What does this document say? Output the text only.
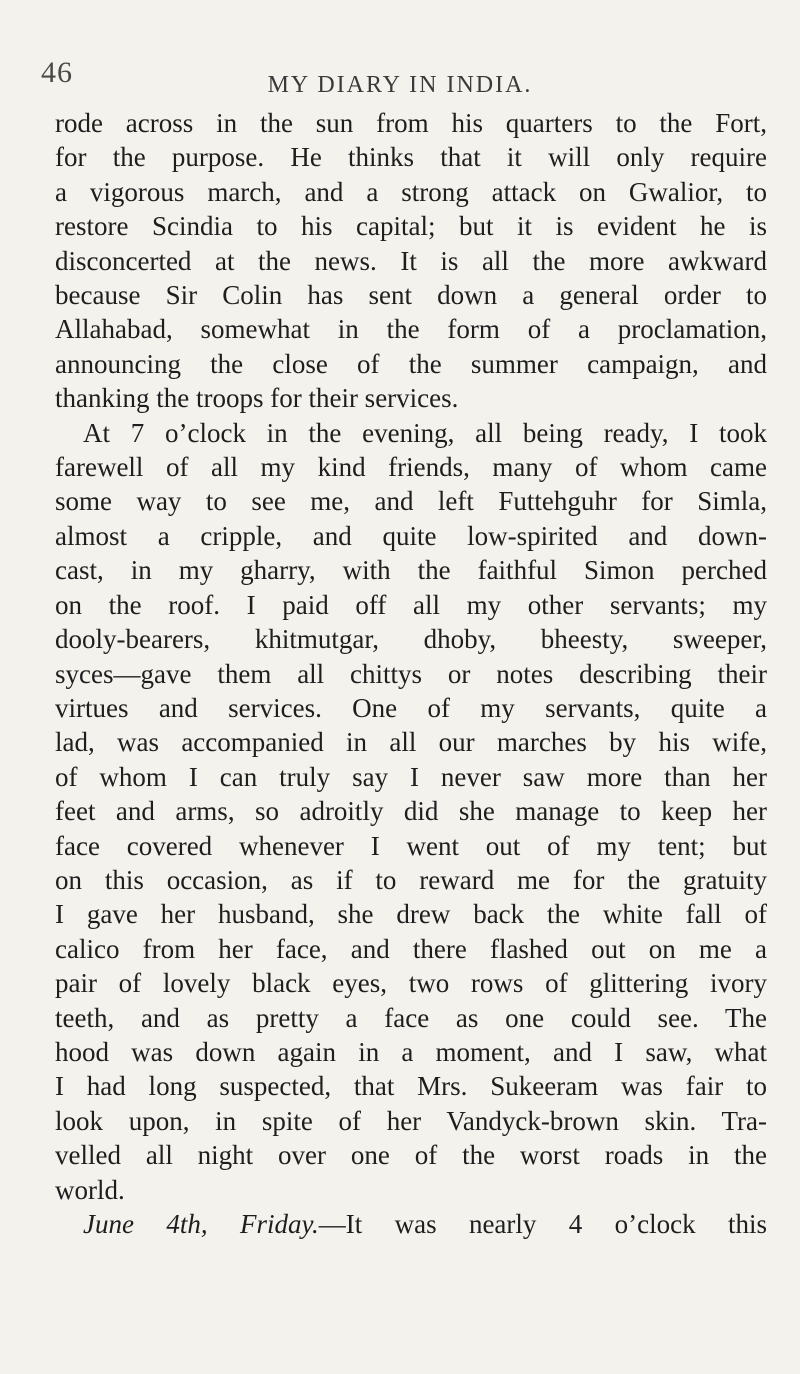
46	MY DIARY IN INDIA.
rode across in the sun from his quarters to the Fort,
for the purpose. He thinks that it will only require
a vigorous march, and a strong attack on Gwalior, to
restore Scindia to his capital; but it is evident he is
disconcerted at the news. It is all the more awkward
because Sir Colin has sent down a general order to
Allahabad, somewhat in the form of a proclamation,
announcing the close of the summer campaign, and
thanking the troops for their services.
At 7 o’clock in the evening, all being ready, I took
farewell of all my kind friends, many of whom came
some way to see me, and left Futtehguhr for Simla,
almost a cripple, and quite low-spirited and down-
cast, in my gharry, with the faithful Simon perched
on the roof. I paid off all my other servants; my
dooly-bearers, khitmutgar, dhoby, bheesty, sweeper,
syces—gave them all chittys or notes describing their
virtues and services. One of my servants, quite a
lad, was accompanied in all our marches by his wife,
of whom I can truly say I never saw more than her
feet and arms, so adroitly did she manage to keep her
face covered whenever I went out of my tent; but
on this occasion, as if to reward me for the gratuity
I gave her husband, she drew back the white fall of
calico from her face, and there flashed out on me a
pair of lovely black eyes, two rows of glittering ivory
teeth, and as pretty a face as one could see. The
hood was down again in a moment, and I saw, what
I had long suspected, that Mrs. Sukeeram was fair to
look upon, in spite of her Vandyck-brown skin. Tra-
velled all night over one of the worst roads in the
world.
June 4th, Friday.—It was nearly 4 o’clock this
